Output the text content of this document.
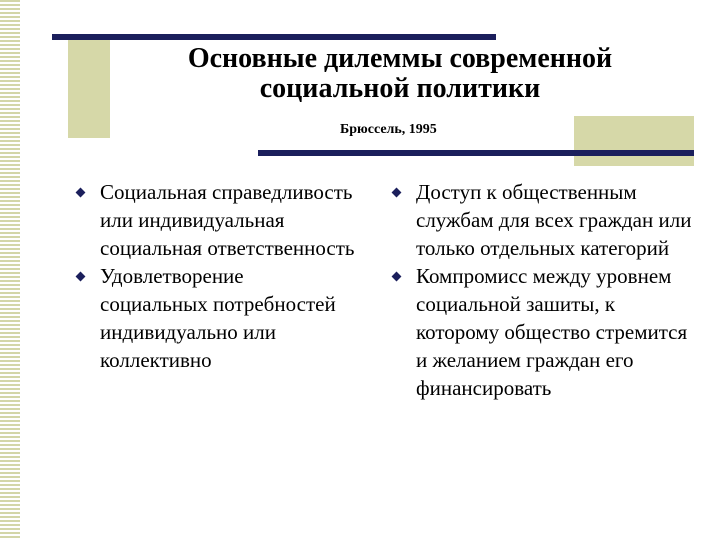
Основные дилеммы современной
социальной политики
Брюссель, 1995
Социальная справедливость или индивидуальная социальная ответственность
Удовлетворение социальных потребностей индивидуально или коллективно
Доступ к общественным службам для всех граждан или только отдельных категорий
Компромисс между уровнем социальной зашиты, к которому общество стремится и желанием граждан его финансировать
